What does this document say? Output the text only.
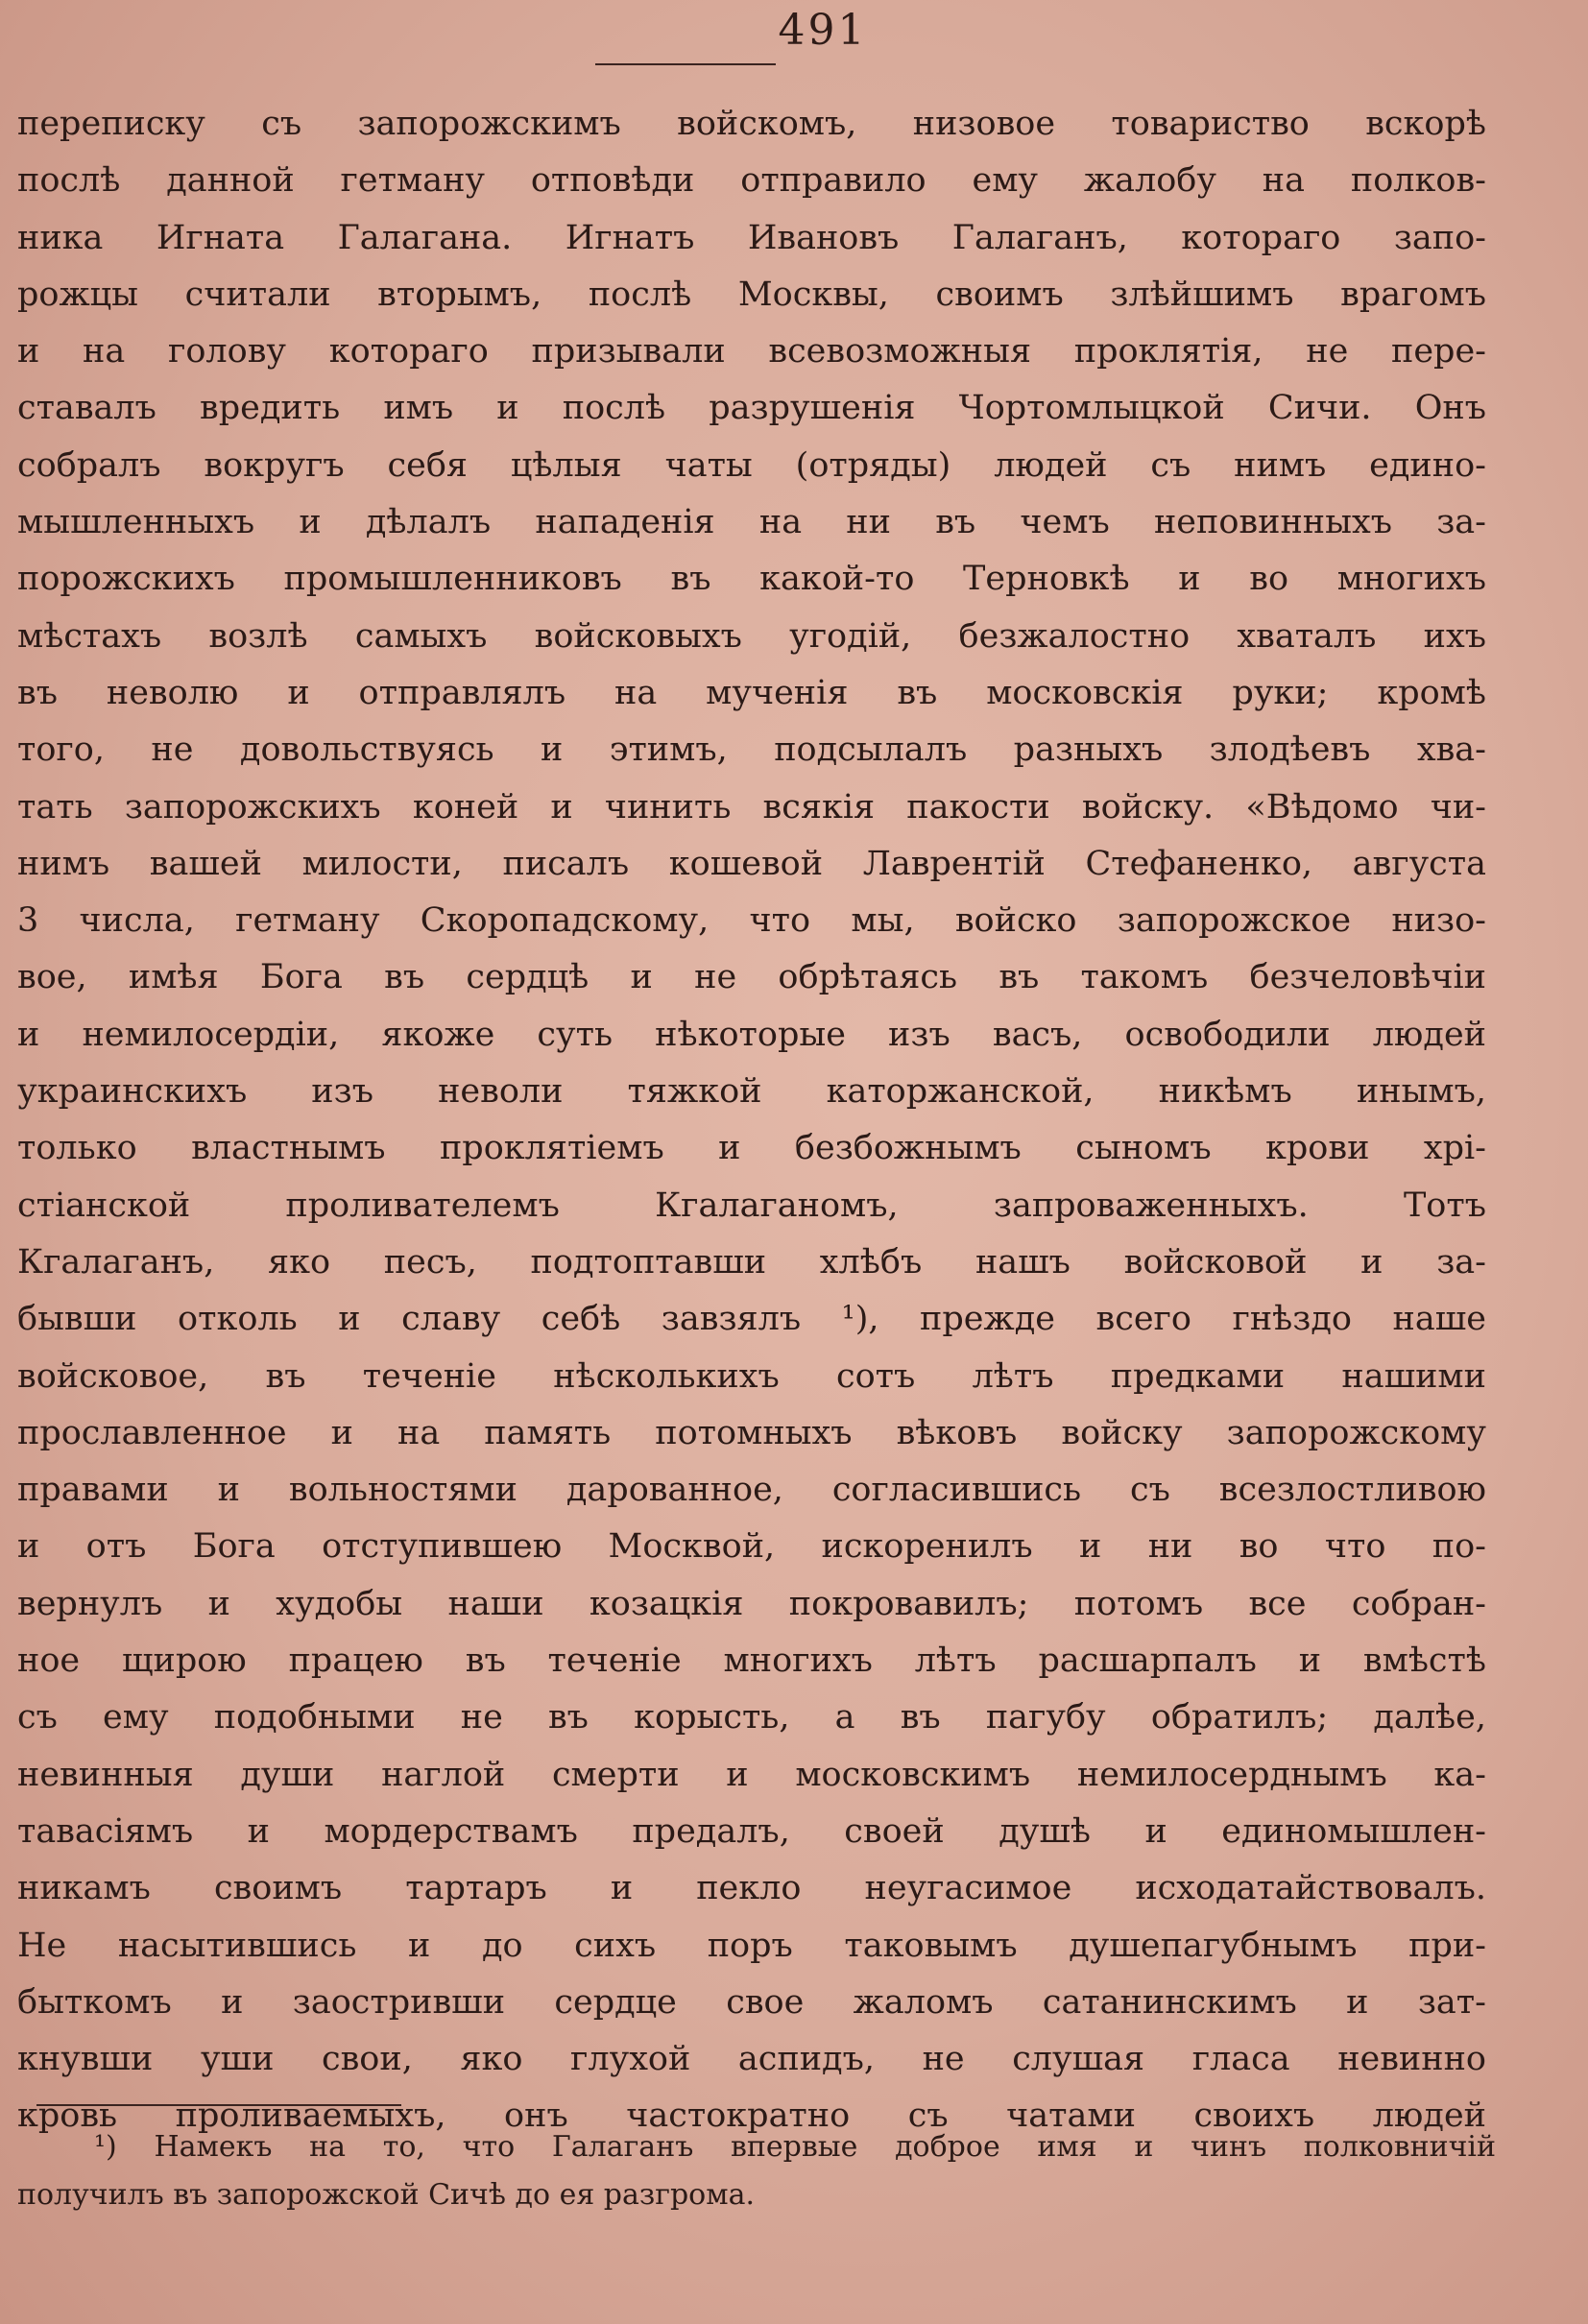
491
переписку съ запорожскимъ войскомъ, низовое товариство вскорѣ
послѣ данной гетману отповѣди отправило ему жалобу на полков-
ника Игната Галагана. Игнатъ Ивановъ Галаганъ, котораго запо-
рожцы считали вторымъ, послѣ Москвы, своимъ злѣйшимъ врагомъ
и на голову котораго призывали всевозможныя проклятія, не пере-
ставалъ вредить имъ и послѣ разрушенія Чортомлыцкой Сичи. Онъ
собралъ вокругъ себя цѣлыя чаты (отряды) людей съ нимъ едино-
мышленныхъ и дѣлалъ нападенія на ни въ чемъ неповинныхъ за-
порожскихъ промышленниковъ въ какой-то Терновкѣ и во многихъ
мѣстахъ возлѣ самыхъ войсковыхъ угодій, безжалостно хваталъ ихъ
въ неволю и отправлялъ на мученія въ московскія руки; кромѣ
того, не довольствуясь и этимъ, подсылалъ разныхъ злодѣевъ хва-
тать запорожскихъ коней и чинить всякія пакости войску. «Вѣдомо чи-
нимъ вашей милости, писалъ кошевой Лаврентій Стефаненко, августа
3 числа, гетману Скоропадскому, что мы, войско запорожское низо-
вое, имѣя Бога въ сердцѣ и не обрѣтаясь въ такомъ безчеловѣчіи
и немилосердіи, якоже суть нѣкоторые изъ васъ, освободили людей
украинскихъ изъ неволи тяжкой каторжанской, никѣмъ инымъ,
только властнымъ проклятіемъ и безбожнымъ сыномъ крови хрі-
стіанской проливателемъ Кгалаганомъ, запроваженныхъ. Тотъ
Кгалаганъ, яко песъ, подтоптавши хлѣбъ нашъ войсковой и за-
бывши отколь и славу себѣ завзялъ ¹), прежде всего гнѣздо наше
войсковое, въ теченіе нѣсколькихъ сотъ лѣтъ предками нашими
прославленное и на память потомныхъ вѣковъ войску запорожскому
правами и вольностями дарованное, согласившись съ всезлостливою
и отъ Бога отступившею Москвой, искоренилъ и ни во что по-
вернулъ и худобы наши козацкія покровавилъ; потомъ все собран-
ное щирою працею въ теченіе многихъ лѣтъ расшарпалъ и вмѣстѣ
съ ему подобными не въ корысть, а въ пагубу обратилъ; далѣе,
невинныя души наглой смерти и московскимъ немилосерднымъ ка-
тавасіямъ и мордерствамъ предалъ, своей душѣ и единомышлен-
никамъ своимъ тартаръ и пекло неугасимое исходатайствовалъ.
Не насытившись и до сихъ поръ таковымъ душепагубнымъ при-
быткомъ и заостривши сердце свое жаломъ сатанинскимъ и зат-
кнувши уши свои, яко глухой аспидъ, не слушая гласа невинно
кровь проливаемыхъ, онъ частократно съ чатами своихъ людей
¹) Намекъ на то, что Галаганъ впервые доброе имя и чинъ полковничій
получилъ въ запорожской Сичѣ до ея разгрома.
